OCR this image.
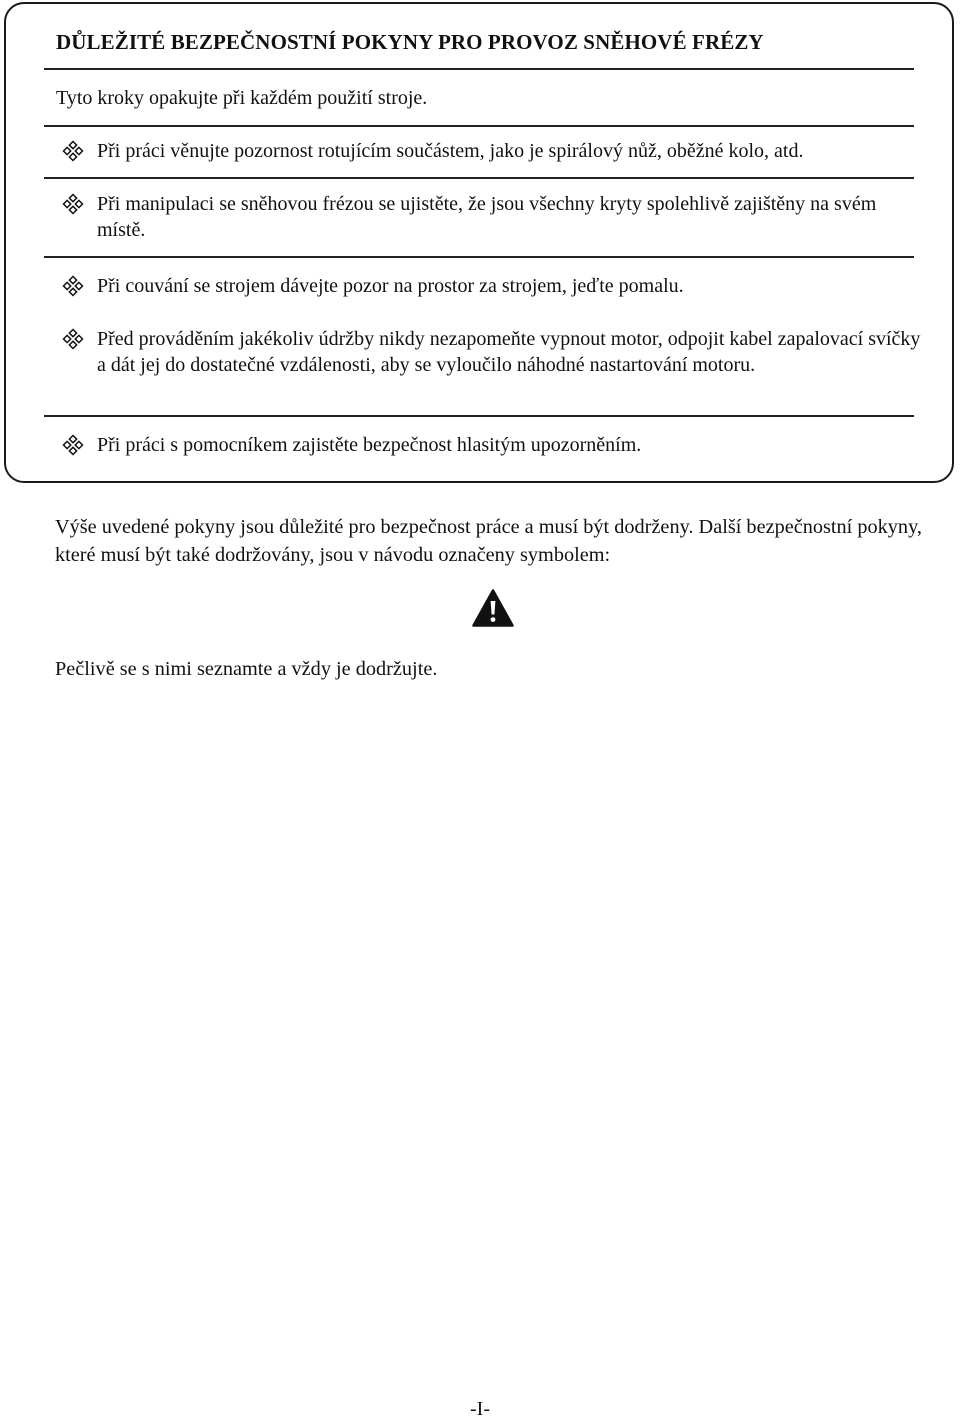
DŮLEŽITÉ BEZPEČNOSTNÍ POKYNY PRO PROVOZ SNĚHOVÉ FRÉZY
Tyto kroky opakujte při každém použití stroje.
Při práci věnujte pozornost rotujícím součástem, jako je spirálový nůž, oběžné kolo, atd.
Při manipulaci se sněhovou frézou se ujistěte, že jsou všechny kryty spolehlivě zajištěny na svém místě.
Při couvání se strojem dávejte pozor na prostor za strojem, jeďte pomalu.
Před prováděním jakékoliv údržby nikdy nezapomeňte vypnout motor, odpojit kabel zapalovací svíčky a dát jej do dostatečné vzdálenosti, aby se vyloučilo náhodné nastartování motoru.
Při práci s pomocníkem zajistěte bezpečnost hlasitým upozorněním.

Výše uvedené pokyny jsou důležité pro bezpečnost práce a musí být dodrženy. Další bezpečnostní pokyny, které musí být také dodržovány, jsou v návodu označeny symbolem:

Pečlivě se s nimi seznamte a vždy je dodržujte.
-I-
